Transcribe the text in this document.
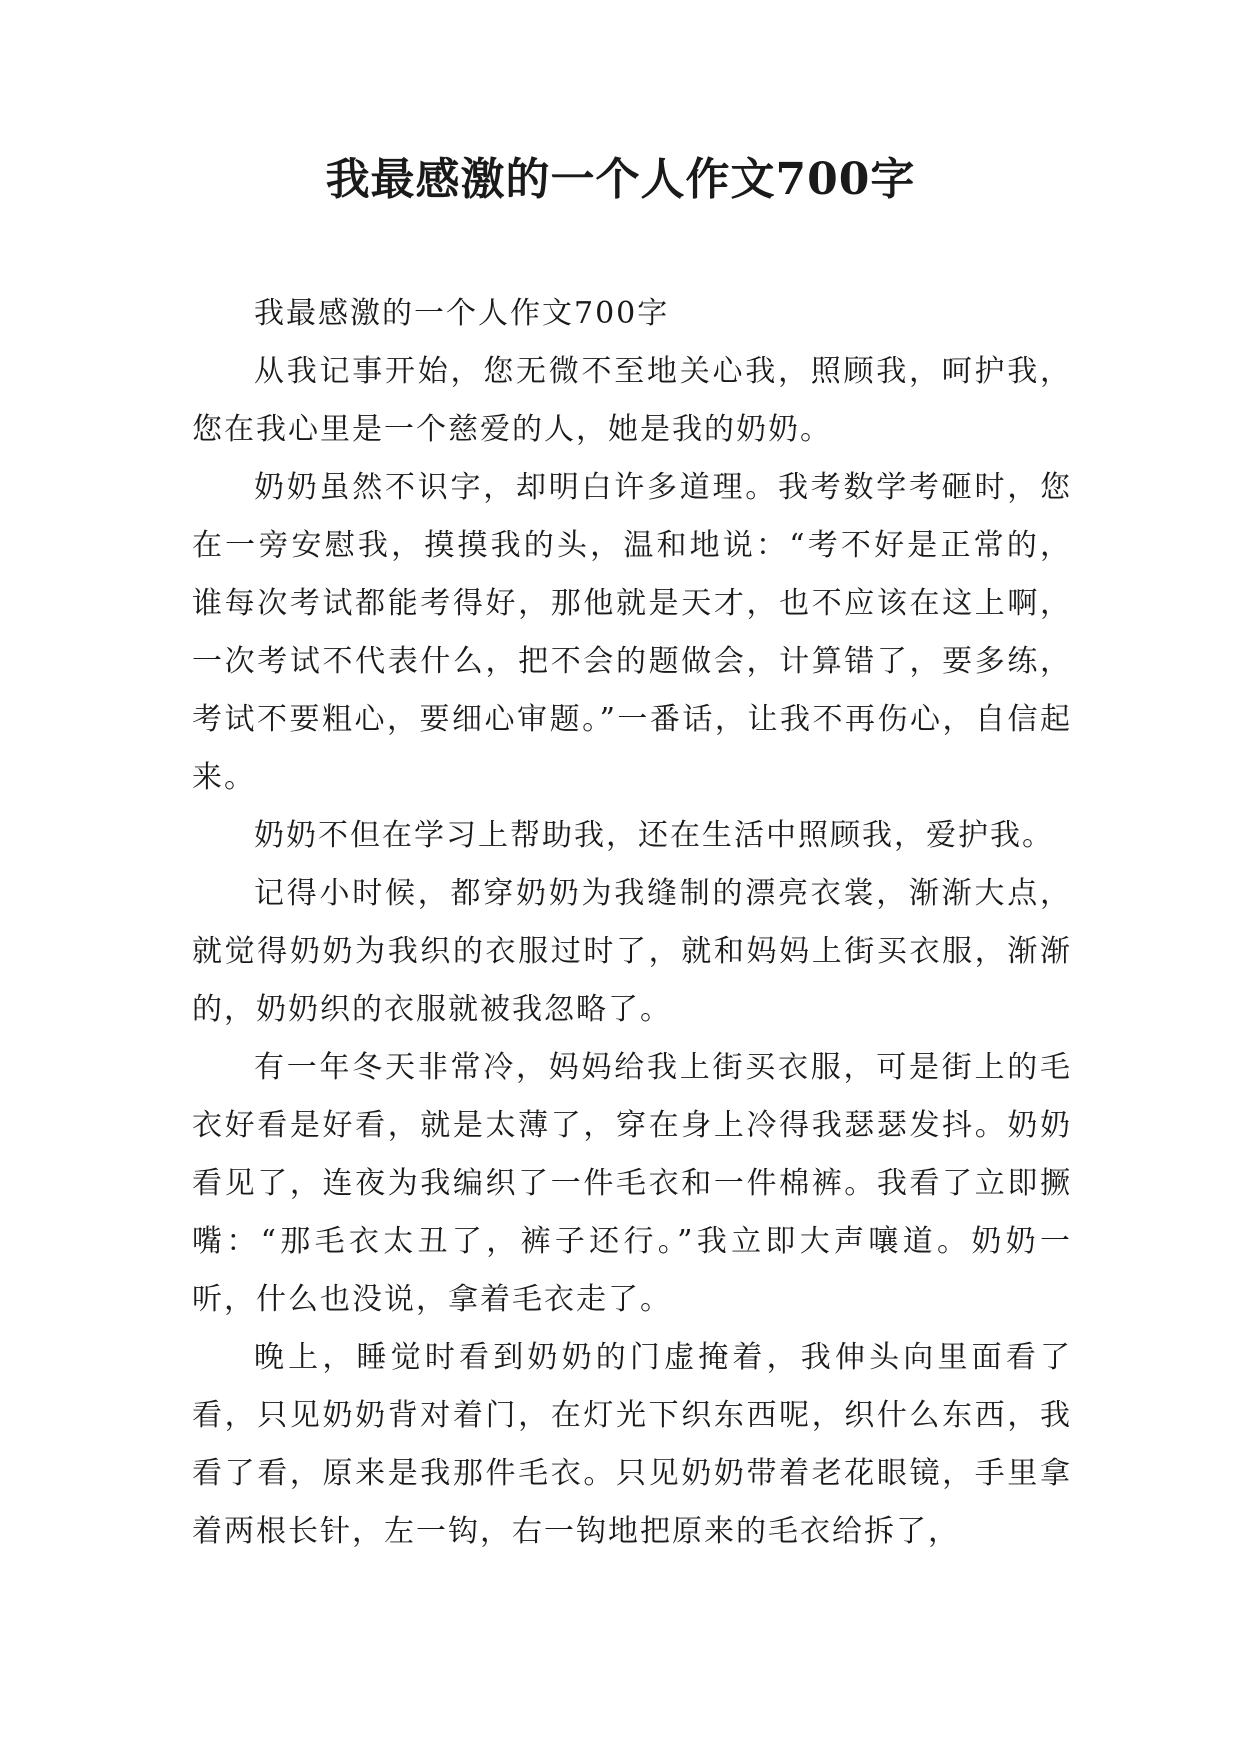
我最感激的一个人作文700字

我最感激的一个人作文700字

从我记事开始，您无微不至地关心我，照顾我，呵护我，您在我心里是一个慈爱的人，她是我的奶奶。

奶奶虽然不识字，却明白许多道理。我考数学考砸时，您在一旁安慰我，摸摸我的头，温和地说：“考不好是正常的，谁每次考试都能考得好，那他就是天才，也不应该在这上啊，一次考试不代表什么，把不会的题做会，计算错了，要多练，考试不要粗心，要细心审题。”一番话，让我不再伤心，自信起来。

奶奶不但在学习上帮助我，还在生活中照顾我，爱护我。

记得小时候，都穿奶奶为我缝制的漂亮衣裳，渐渐大点，就觉得奶奶为我织的衣服过时了，就和妈妈上街买衣服，渐渐的，奶奶织的衣服就被我忽略了。

有一年冬天非常冷，妈妈给我上街买衣服，可是街上的毛衣好看是好看，就是太薄了，穿在身上冷得我瑟瑟发抖。奶奶看见了，连夜为我编织了一件毛衣和一件棉裤。我看了立即撅嘴：“那毛衣太丑了，裤子还行。”我立即大声嚷道。奶奶一听，什么也没说，拿着毛衣走了。

晚上，睡觉时看到奶奶的门虚掩着，我伸头向里面看了看，只见奶奶背对着门，在灯光下织东西呢，织什么东西，我看了看，原来是我那件毛衣。只见奶奶带着老花眼镜，手里拿着两根长针，左一钩，右一钩地把原来的毛衣给拆了，
